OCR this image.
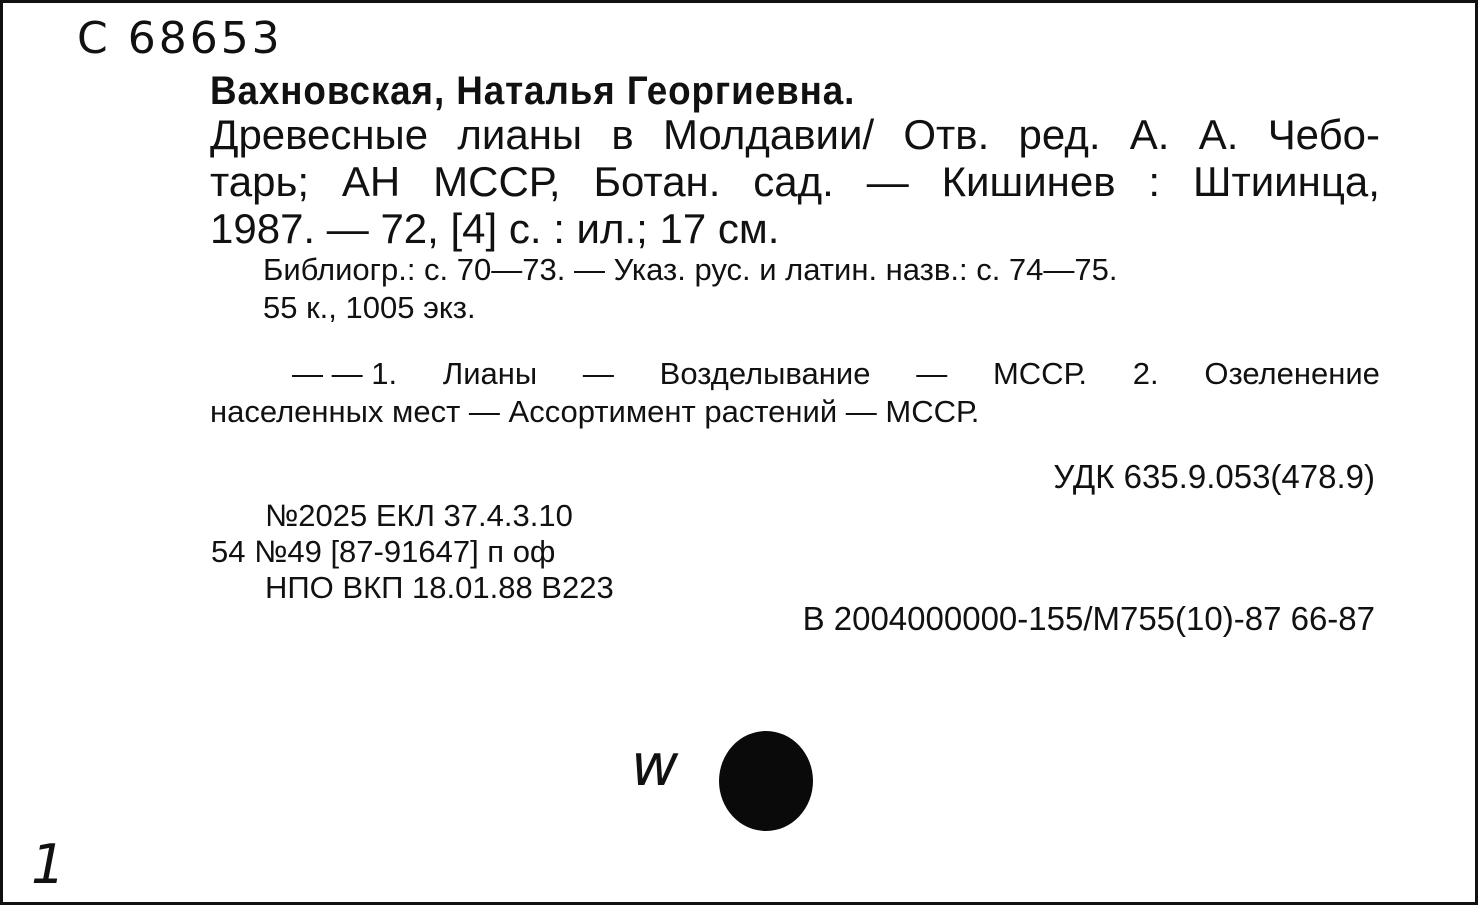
С 68653
Вахновская, Наталья Георгиевна.
Древесные лианы в Молдавии/ Отв. ред. А. А. Чебо-
тарь; АН МССР, Ботан. сад. — Кишинев : Штиинца,
1987. — 72, [4] с. : ил.; 17 см.
Библиогр.: с. 70—73. — Указ. рус. и латин. назв.: с. 74—75.
55 к., 1005 экз.
— — 1. Лианы — Возделывание — МССР. 2. Озеленение
населенных мест — Ассортимент растений — МССР.
УДК 635.9.053(478.9)
№2025 ЕКЛ 37.4.3.10
54 №49 [87-91647] п оф
НПО ВКП 18.01.88 В223
В 2004000000-155/М755(10)-87 66-87
w
1
